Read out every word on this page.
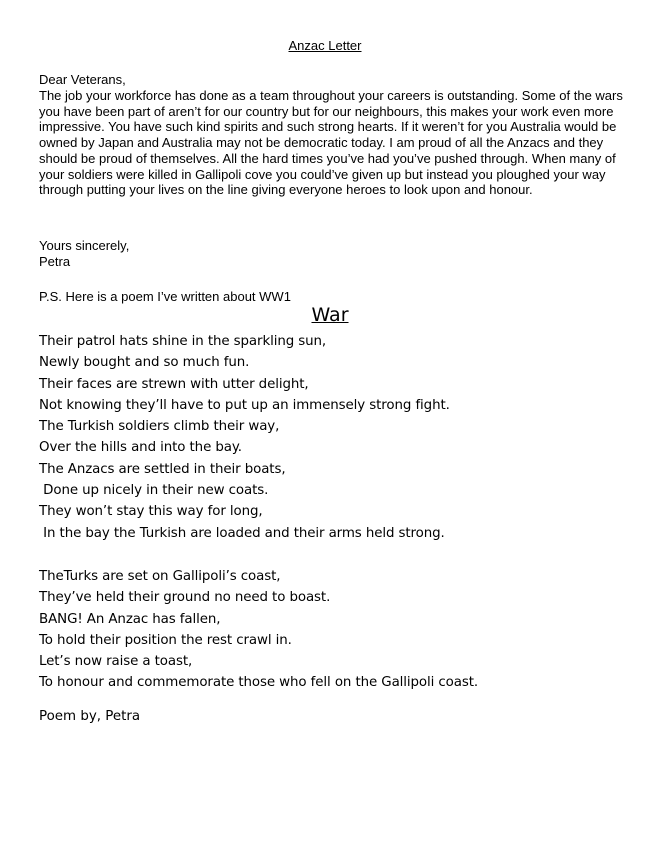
Anzac Letter
Dear Veterans,
The job your workforce has done as a team throughout your careers is outstanding. Some of the wars you have been part of aren’t for our country but for our neighbours, this makes your work even more impressive. You have such kind spirits and such strong hearts. If it weren’t for you Australia would be owned by Japan and Australia may not be democratic today. I am proud of all the Anzacs and they should be proud of themselves. All the hard times you’ve had you’ve pushed through. When many of your soldiers were killed in Gallipoli cove you could’ve given up but instead you ploughed your way through putting your lives on the line giving everyone heroes to look upon and honour.
Yours sincerely,
Petra
P.S. Here is a poem I’ve written about WW1
War
Their patrol hats shine in the sparkling sun,
Newly bought and so much fun.
Their faces are strewn with utter delight,
Not knowing they’ll have to put up an immensely strong fight.
The Turkish soldiers climb their way,
Over the hills and into the bay.
The Anzacs are settled in their boats,
Done up nicely in their new coats.
They won’t stay this way for long,
In the bay the Turkish are loaded and their arms held strong.
TheTurks are set on Gallipoli’s coast,
They’ve held their ground no need to boast.
BANG! An Anzac has fallen,
To hold their position the rest crawl in.
Let’s now raise a toast,
To honour and commemorate those who fell on the Gallipoli coast.
Poem by, Petra
